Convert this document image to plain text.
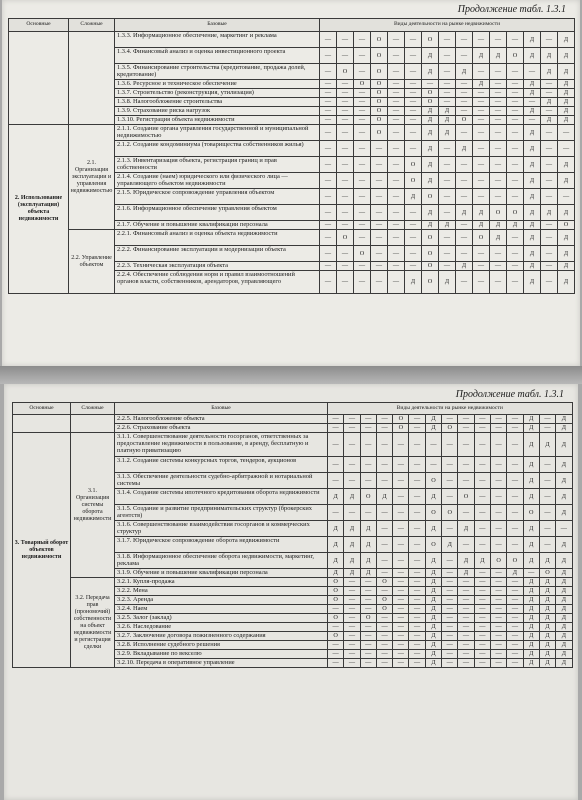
Продолжение табл. 1.3.1
Основные	Сложные	Базовые	Виды деятельности на рынке недвижимости														
		1.3.3. Информационное обеспечение, маркетинг и реклама	—	—	—	О	—	—	О	—	—	—	—	—	Д	—	Д
		1.3.4. Финансовый анализ и оценка инвестиционного проекта	—	—	—	О	—	—	Д	—	—	Д	Д	О	Д	Д	Д
		1.3.5. Финансирование строительства (кредитование, продажа долей, кредитование)	—	О	—	О	—	—	Д	—	Д	—	—	—	—	Д	Д
		1.3.6. Ресурсное и техническое обеспечение	—	—	О	О	—	—	—	—	—	Д	—	—	Д	—	Д
		1.3.7. Строительство (реконструкция, утилизация)	—	—	—	О	—	—	О	—	—	—	—	—	Д	—	Д
		1.3.8. Налогообложение строительства	—	—	—	О	—	—	О	—	—	—	—	—	—	Д	Д
		1.3.9. Страхование риска нагрузок	—	—	—	О	—	—	Д	Д	—	—	—	—	Д	—	Д
		1.3.10. Регистрация объекта недвижимости	—	—	—	О	—	—	Д	Д	О	—	—	—	—	Д	Д
2. Использование (эксплуатация) объекта недвижимости	2.1. Организация эксплуатации и управления недвижимостью	2.1.1. Создание органа управления государственной и муниципальной недвижимостью	—	—	—	О	—	—	Д	Д	—	—	—	—	Д	—	—
		2.1.2. Создание кондоминиума (товарищества собственников жилья)	—	—	—	—	—	—	Д	—	Д	—	—	—	Д	—	—
		2.1.3. Инвентаризация объекта, регистрация границ и прав собственности	—	—	—	—	—	О	Д	—	—	—	—	—	Д	—	Д
		2.1.4. Создание (наем) юридического или физического лица — управляющего объектом недвижимости	—	—	—	—	—	О	Д	—	—	—	—	—	Д	—	Д
		2.1.5. Юридическое сопровождение управления объектом	—	—	—	—	—	Д	О	—	—	—	—	—	Д	—	—
		2.1.6. Информационное обеспечение управления объектом	—	—	—	—	—	—	Д	—	Д	Д	О	О	Д	Д	Д
		2.1.7. Обучение и повышение квалификации персонала	—	—	—	—	—	—	Д	Д	—	Д	Д	Д	Д	—	О
	2.2. Управление объектом	2.2.1. Финансовый анализ и оценка объекта недвижимости	—	О	—	—	—	—	О	—	—	О	Д	—	Д	—	Д
		2.2.2. Финансирование эксплуатации и модернизации объекта	—	—	О	—	—	—	О	—	—	—	—	—	Д	—	Д
		2.2.3. Техническая эксплуатация объекта	—	—	—	—	—	—	О	—	Д	—	—	—	Д	—	Д
		2.2.4. Обеспечение соблюдения норм и правил взаимоотношений органов власти, собственников, арендаторов, управляющего	—	—	—	—	—	Д	О	Д	—	—	—	—	Д	—	Д
Продолжение табл. 1.3.1
Основные	Сложные	Базовые	Виды деятельности на рынке недвижимости														
		2.2.5. Налогообложение объекта	—	—	—	—	О	—	Д	—	—	—	—	—	Д	—	Д
		2.2.6. Страхование объекта	—	—	—	—	О	—	Д	О	—	—	—	—	Д	—	Д
3. Товарный оборот объектов недвижимости	3.1. Организация системы оборота недвижимости	3.1.1. Совершенствование деятельности госорганов, ответственных за предоставление недвижимости в пользование, в аренду, бесплатную и платную приватизацию	—	—	—	—	—	—	—	—	—	—	—	—	Д	Д	Д
		3.1.2. Создание системы конкурсных торгов, тендеров, аукционов	—	—	—	—	—	—	—	—	—	—	—	—	Д	—	Д
		3.1.3. Обеспечение деятельности судебно-арбитражной и нотариальной системы	—	—	—	—	—	—	О	—	—	—	—	—	Д	—	Д
		3.1.4. Создание системы ипотечного кредитования оборота недвижимости	Д	Д	О	Д	—	—	Д	—	О	—	—	—	Д	—	Д
		3.1.5. Создание и развитие предпринимательских структур (брокерских агентств)	—	—	—	—	—	—	О	О	—	—	—	—	О	—	Д
		3.1.6. Совершенствование взаимодействия госорганов и коммерческих структур	Д	Д	Д	—	—	—	Д	—	Д	—	—	—	Д	—	—
		3.1.7. Юридическое сопровождение оборота недвижимости	Д	Д	Д	—	—	—	О	Д	—	—	—	—	Д	—	Д
		3.1.8. Информационное обеспечение оборота недвижимости, маркетинг, реклама	Д	Д	Д	—	—	—	Д	—	Д	Д	О	О	Д	Д	Д
		3.1.9. Обучение и повышение квалификации персонала	Д	Д	Д	—	—	—	Д	—	Д	—	—	Д	—	О	Д
	3.2. Передача прав (прономочий) собственности на объект недвижимости и регистрация сделки	3.2.1. Купля-продажа	О	—	—	О	—	—	Д	—	—	—	—	—	Д	Д	Д
		3.2.2. Мена	О	—	—	—	—	—	Д	—	—	—	—	—	Д	Д	Д
		3.2.3. Аренда	О	—	—	О	—	—	Д	—	—	—	—	—	Д	Д	Д
		3.2.4. Наем	—	—	—	О	—	—	Д	—	—	—	—	—	Д	Д	Д
		3.2.5. Залог (заклад)	О	—	О	—	—	—	Д	—	—	—	—	—	Д	Д	Д
		3.2.6. Наследование	—	—	—	—	—	—	Д	—	—	—	—	—	Д	Д	Д
		3.2.7. Заключение договора пожизненного содержания	О	—	—	—	—	—	Д	—	—	—	—	—	Д	Д	Д
		3.2.8. Исполнение судебного решения	—	—	—	—	—	—	Д	—	—	—	—	—	Д	Д	Д
		3.2.9. Вкладывание по векселю	—	—	—	—	—	—	Д	—	—	—	—	—	Д	Д	Д
		3.2.10. Передача в оперативное управление	—	—	—	—	—	—	Д	—	—	—	—	—	Д	Д	Д
